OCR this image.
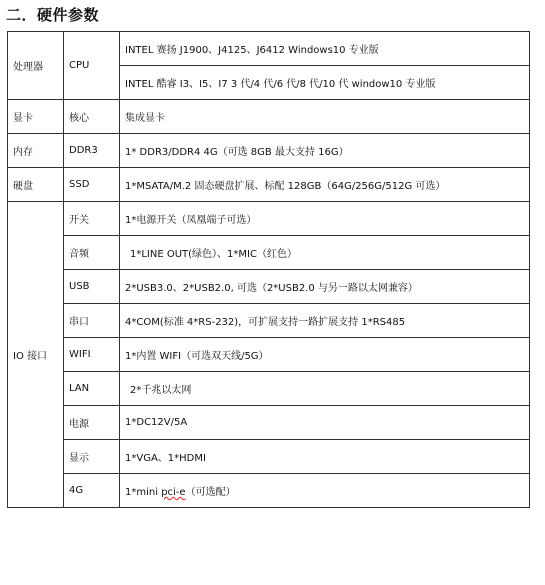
二．硬件参数
处理器	CPU	INTEL 赛扬 J1900、J4125、J6412 Windows10 专业版
		INTEL 酷睿 I3、I5、I7 3 代/4 代/6 代/8 代/10 代 window10 专业版
显卡	核心	集成显卡
内存	DDR3	1* DDR3/DDR4 4G（可选 8GB 最大支持 16G）
硬盘	SSD	1*MSATA/M.2 固态硬盘扩展、标配 128GB（64G/256G/512G 可选）
IO 接口	开关	1*电源开关（凤凰端子可选）
	音频	1*LINE OUT(绿色）、1*MIC（红色）
	USB	2*USB3.0、2*USB2.0, 可选（2*USB2.0 与另一路以太网兼容）
	串口	4*COM(标准 4*RS-232)，可扩展支持一路扩展支持 1*RS485
	WIFI	1*内置 WIFI（可选双天线/5G）
	LAN	2*千兆以太网
	电源	1*DC12V/5A
	显示	1*VGA、1*HDMI
	4G	1*mini pci-e（可选配）
